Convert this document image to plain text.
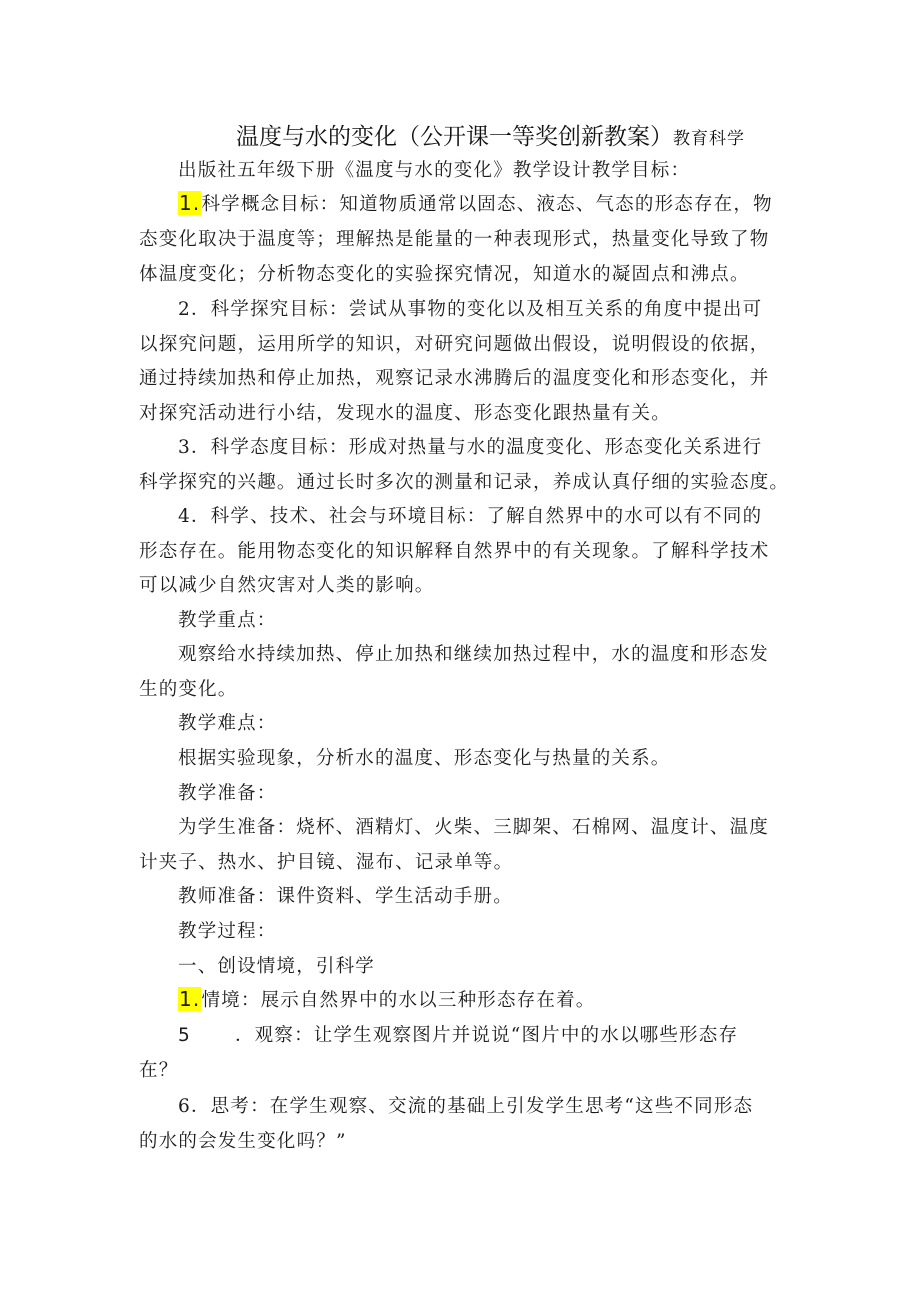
温度与水的变化（公开课一等奖创新教案）教育科学
出版社五年级下册《温度与水的变化》教学设计教学目标：
1.科学概念目标：知道物质通常以固态、液态、气态的形态存在，物
态变化取决于温度等；理解热是能量的一种表现形式，热量变化导致了物
体温度变化；分析物态变化的实验探究情况，知道水的凝固点和沸点。
2．科学探究目标：尝试从事物的变化以及相互关系的角度中提出可
以探究问题，运用所学的知识，对研究问题做出假设，说明假设的依据，
通过持续加热和停止加热，观察记录水沸腾后的温度变化和形态变化，并
对探究活动进行小结，发现水的温度、形态变化跟热量有关。
3．科学态度目标：形成对热量与水的温度变化、形态变化关系进行
科学探究的兴趣。通过长时多次的测量和记录，养成认真仔细的实验态度。
4．科学、技术、社会与环境目标：了解自然界中的水可以有不同的
形态存在。能用物态变化的知识解释自然界中的有关现象。了解科学技术
可以减少自然灾害对人类的影响。
教学重点：
观察给水持续加热、停止加热和继续加热过程中，水的温度和形态发
生的变化。
教学难点：
根据实验现象，分析水的温度、形态变化与热量的关系。
教学准备：
为学生准备：烧杯、酒精灯、火柴、三脚架、石棉网、温度计、温度
计夹子、热水、护目镜、湿布、记录单等。
教师准备：课件资料、学生活动手册。
教学过程：
一、创设情境，引科学
1.情境：展示自然界中的水以三种形态存在着。
5 ．观察：让学生观察图片并说说“图片中的水以哪些形态存
在？
6．思考：在学生观察、交流的基础上引发学生思考“这些不同形态
的水的会发生变化吗？”
